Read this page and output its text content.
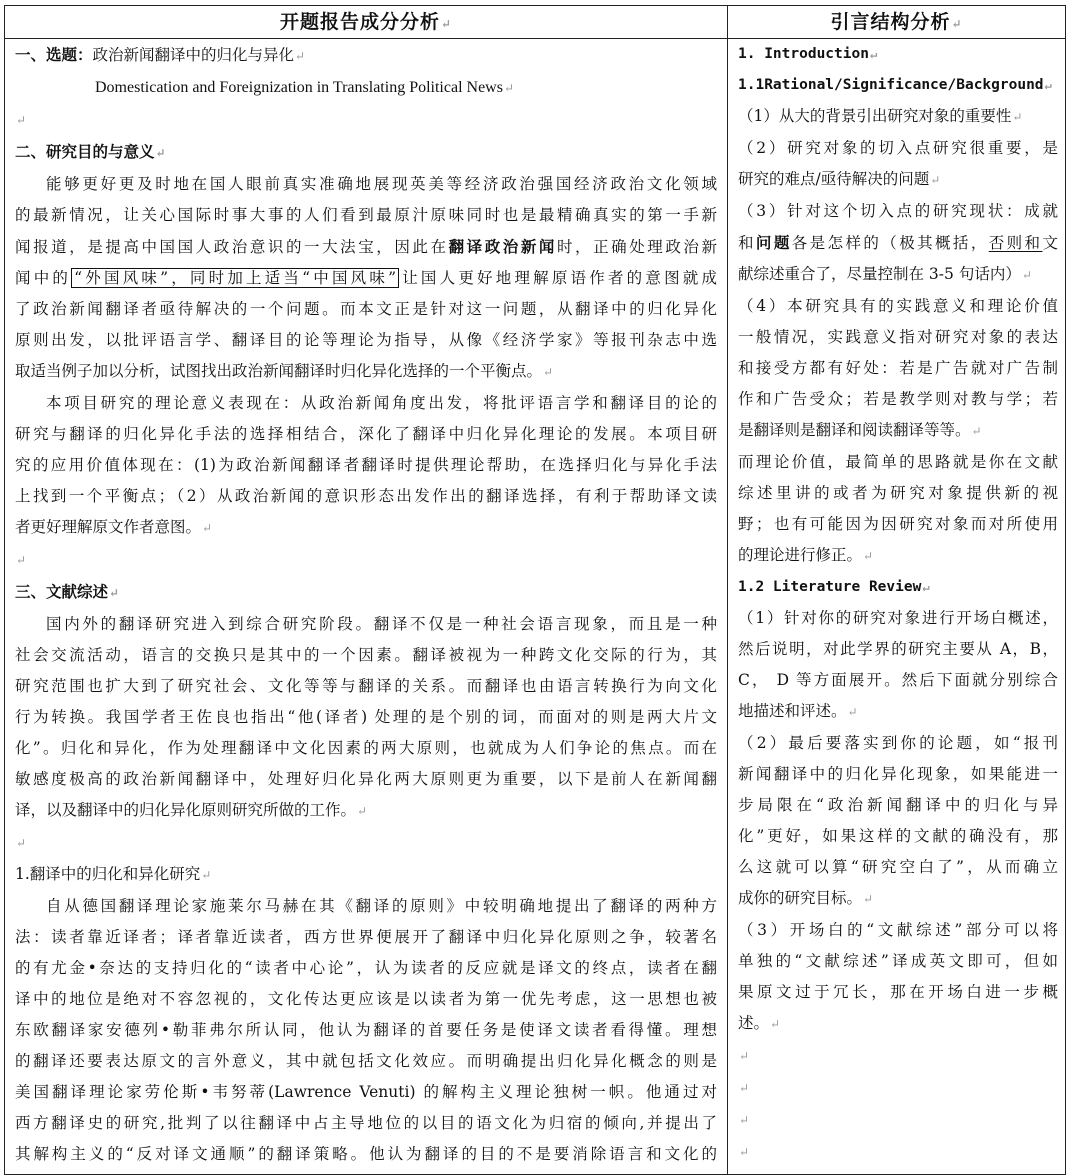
开题报告成分分析↵	引言结构分析↵
一、选题：政治新闻翻译中的归化与异化↵
Domestication and Foreignization in Translating Political News↵
↵
二、研究目的与意义↵
能够更好更及时地在国人眼前真实准确地展现英美等经济政治强国经济政治文化领域
的最新情况，让关心国际时事大事的人们看到最原汁原味同时也是最精确真实的第一手新
闻报道，是提高中国国人政治意识的一大法宝，因此在翻译政治新闻时，正确处理政治新
闻中的 “外国风味”，同时加上适当“中国风味” 让国人更好地理解原语作者的意图就成
了政治新闻翻译者亟待解决的一个问题。而本文正是针对这一问题，从翻译中的归化异化
原则出发，以批评语言学、翻译目的论等理论为指导，从像《经济学家》等报刊杂志中选
取适当例子加以分析，试图找出政治新闻翻译时归化异化选择的一个平衡点。↵
本项目研究的理论意义表现在：从政治新闻角度出发，将批评语言学和翻译目的论的
研究与翻译的归化异化手法的选择相结合，深化了翻译中归化异化理论的发展。本项目研
究的应用价值体现在：(1)为政治新闻翻译者翻译时提供理论帮助，在选择归化与异化手法
上找到一个平衡点；（2）从政治新闻的意识形态出发作出的翻译选择，有利于帮助译文读
者更好理解原文作者意图。↵
↵
三、文献综述↵
国内外的翻译研究进入到综合研究阶段。翻译不仅是一种社会语言现象，而且是一种
社会交流活动，语言的交换只是其中的一个因素。翻译被视为一种跨文化交际的行为，其
研究范围也扩大到了研究社会、文化等等与翻译的关系。而翻译也由语言转换行为向文化
行为转换。我国学者王佐良也指出“他(译者) 处理的是个别的词，而面对的则是两大片文
化”。归化和异化，作为处理翻译中文化因素的两大原则，也就成为人们争论的焦点。而在
敏感度极高的政治新闻翻译中，处理好归化异化两大原则更为重要，以下是前人在新闻翻
译，以及翻译中的归化异化原则研究所做的工作。↵
↵
1.翻译中的归化和异化研究↵
自从德国翻译理论家施莱尔马赫在其《翻译的原则》中较明确地提出了翻译的两种方
法：读者靠近译者；译者靠近读者，西方世界便展开了翻译中归化异化原则之争，较著名
的有尤金•奈达的支持归化的“读者中心论”，认为读者的反应就是译文的终点，读者在翻
译中的地位是绝对不容忽视的，文化传达更应该是以读者为第一优先考虑，这一思想也被
东欧翻译家安德列•勒菲弗尔所认同，他认为翻译的首要任务是使译文读者看得懂。理想
的翻译还要表达原文的言外意义，其中就包括文化效应。而明确提出归化异化概念的则是
美国翻译理论家劳伦斯•韦努蒂(Lawrence Venuti) 的解构主义理论独树一帜。他通过对
西方翻译史的研究,批判了以往翻译中占主导地位的以目的语文化为归宿的倾向,并提出了
其解构主义的“反对译文通顺”的翻译策略。他认为翻译的目的不是要消除语言和文化的
1. Introduction↵
1.1Rational/Significance/Background↵
（1）从大的背景引出研究对象的重要性↵
（2）研究对象的切入点研究很重要，是
研究的难点/亟待解决的问题↵
（3）针对这个切入点的研究现状：成就
和问题各是怎样的（极其概括，否则和文
献综述重合了，尽量控制在 3-5 句话内）↵
（4）本研究具有的实践意义和理论价值
一般情况，实践意义指对研究对象的表达
和接受方都有好处：若是广告就对广告制
作和广告受众；若是教学则对教与学；若
是翻译则是翻译和阅读翻译等等。↵
而理论价值，最简单的思路就是你在文献
综述里讲的或者为研究对象提供新的视
野；也有可能因为因研究对象而对所使用
的理论进行修正。↵
1.2 Literature Review↵
（1）针对你的研究对象进行开场白概述，
然后说明，对此学界的研究主要从 A，B，
C， D 等方面展开。然后下面就分别综合
地描述和评述。↵
（2）最后要落实到你的论题，如“报刊
新闻翻译中的归化异化现象，如果能进一
步局限在“政治新闻翻译中的归化与异
化”更好，如果这样的文献的确没有，那
么这就可以算“研究空白了”，从而确立
成你的研究目标。↵
（3）开场白的“文献综述”部分可以将
单独的“文献综述”译成英文即可，但如
果原文过于冗长，那在开场白进一步概
述。↵
↵
↵
↵
↵
